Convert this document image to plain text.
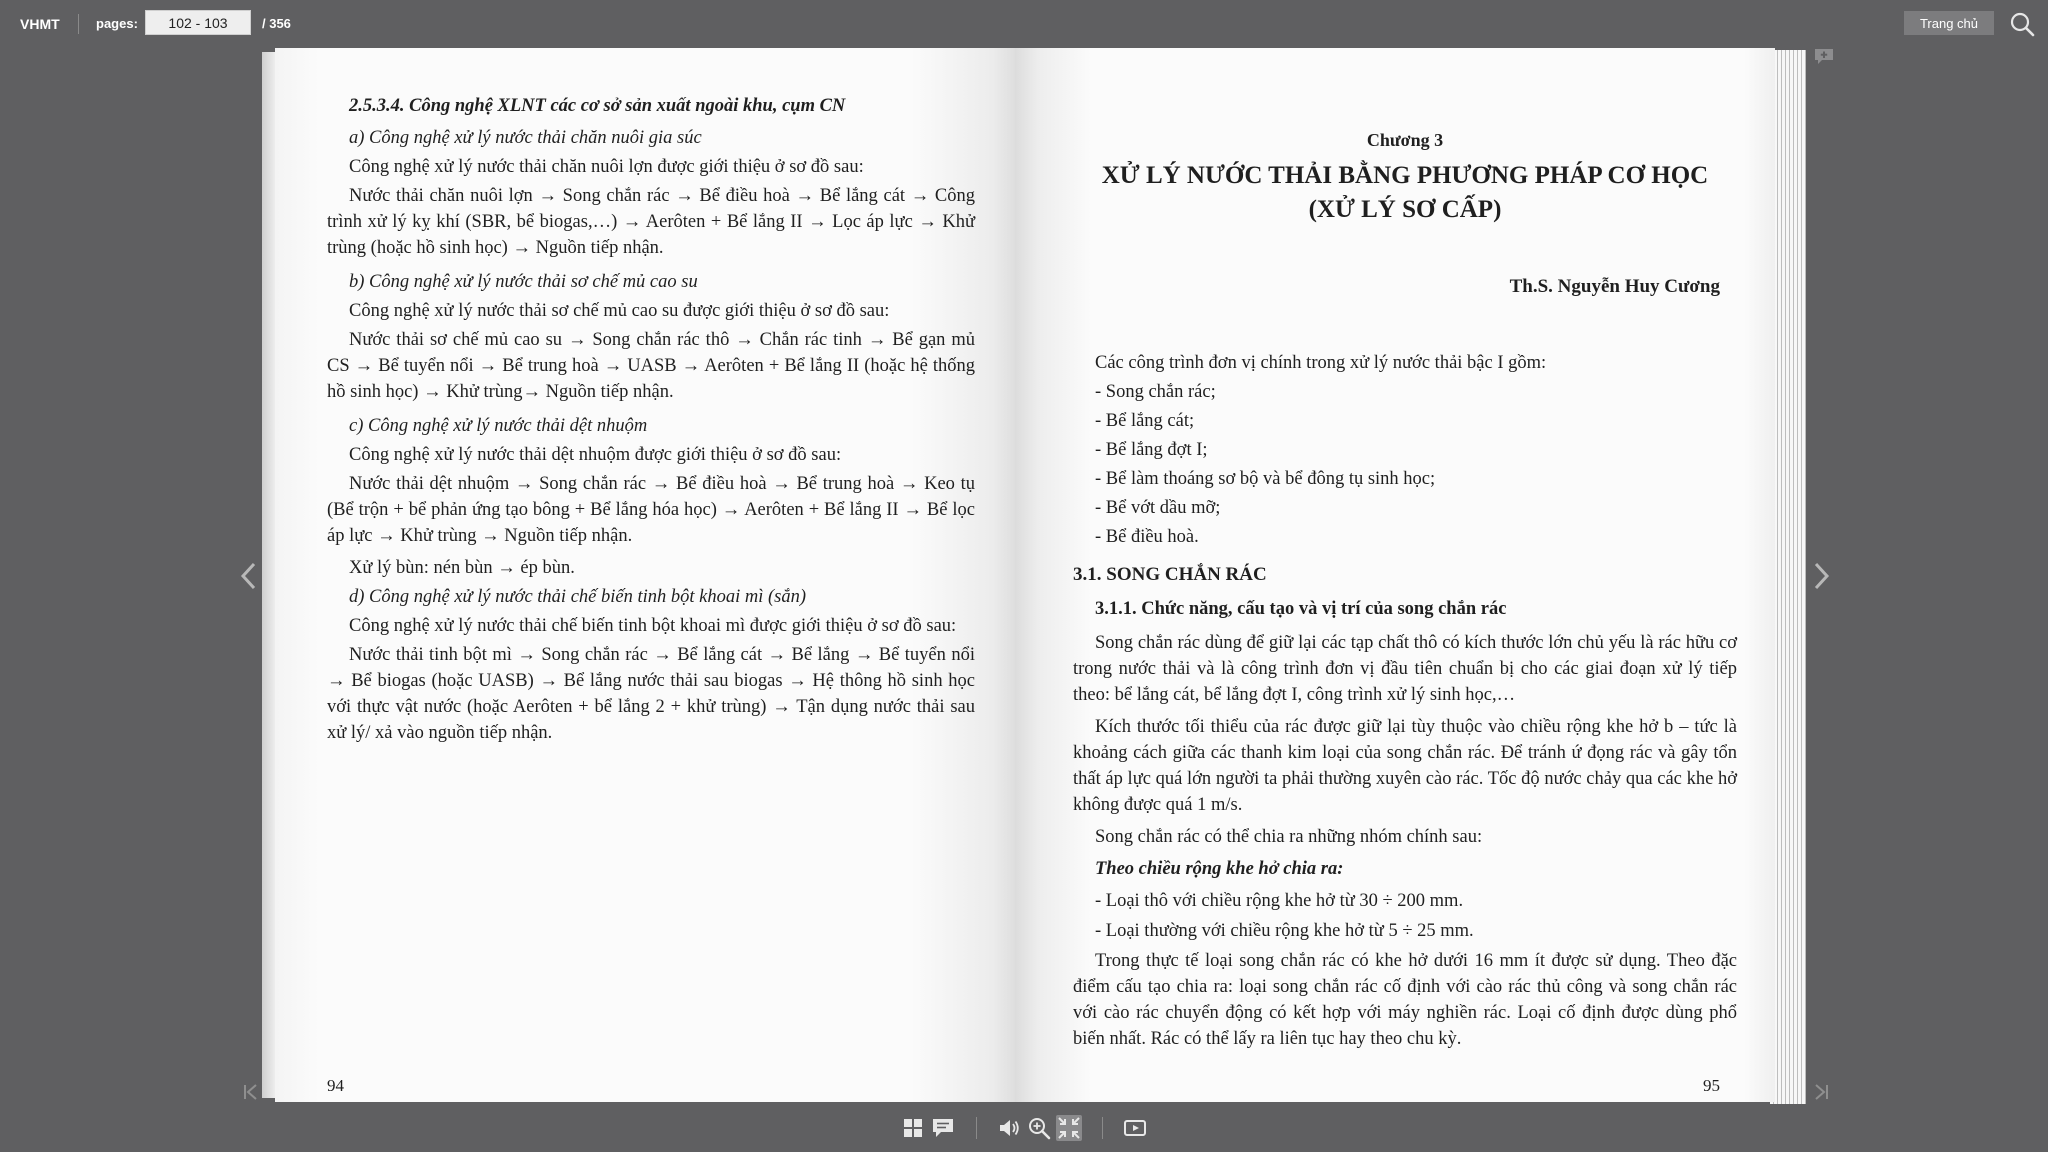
VHMT	pages:
102 - 103	/ 356	Trang chủ
2.5.3.4. Công nghệ XLNT các cơ sở sản xuất ngoài khu, cụm CN
a) Công nghệ xử lý nước thải chăn nuôi gia súc
Công nghệ xử lý nước thải chăn nuôi lợn được giới thiệu ở sơ đồ sau:
Nước thải chăn nuôi lợn → Song chắn rác → Bể điều hoà → Bể lắng cát → Công trình xử lý kỵ khí (SBR, bể biogas,…) → Aerôten + Bể lắng II → Lọc áp lực → Khử trùng (hoặc hồ sinh học) → Nguồn tiếp nhận.
b) Công nghệ xử lý nước thải sơ chế mủ cao su
Công nghệ xử lý nước thải sơ chế mủ cao su được giới thiệu ở sơ đồ sau:
Nước thải sơ chế mủ cao su → Song chắn rác thô → Chắn rác tinh → Bể gạn mủ CS → Bể tuyển nổi → Bể trung hoà → UASB → Aerôten + Bể lắng II (hoặc hệ thống hồ sinh học) → Khử trùng→ Nguồn tiếp nhận.
c) Công nghệ xử lý nước thải dệt nhuộm
Công nghệ xử lý nước thải dệt nhuộm được giới thiệu ở sơ đồ sau:
Nước thải dệt nhuộm → Song chắn rác → Bể điều hoà → Bể trung hoà → Keo tụ (Bể trộn + bể phản ứng tạo bông + Bể lắng hóa học) → Aerôten + Bể lắng II → Bể lọc áp lực → Khử trùng → Nguồn tiếp nhận.
Xử lý bùn: nén bùn → ép bùn.
d) Công nghệ xử lý nước thải chế biến tinh bột khoai mì (sắn)
Công nghệ xử lý nước thải chế biến tinh bột khoai mì được giới thiệu ở sơ đồ sau:
Nước thải tinh bột mì → Song chắn rác → Bể lắng cát → Bể lắng → Bể tuyển nổi → Bể biogas (hoặc UASB) → Bể lắng nước thải sau biogas → Hệ thông hồ sinh học với thực vật nước (hoặc Aerôten + bể lắng 2 + khử trùng) → Tận dụng nước thải sau xử lý/ xả vào nguồn tiếp nhận.
94
Chương 3
XỬ LÝ NƯỚC THẢI BẰNG PHƯƠNG PHÁP CƠ HỌC
(XỬ LÝ SƠ CẤP)
Th.S. Nguyễn Huy Cương
Các công trình đơn vị chính trong xử lý nước thải bậc I gồm:
- Song chắn rác;
- Bể lắng cát;
- Bể lắng đợt I;
- Bể làm thoáng sơ bộ và bể đông tụ sinh học;
- Bể vớt dầu mỡ;
- Bể điều hoà.
3.1. SONG CHẮN RÁC
3.1.1. Chức năng, cấu tạo và vị trí của song chắn rác
Song chắn rác dùng để giữ lại các tạp chất thô có kích thước lớn chủ yếu là rác hữu cơ trong nước thải và là công trình đơn vị đầu tiên chuẩn bị cho các giai đoạn xử lý tiếp theo: bể lắng cát, bể lắng đợt I, công trình xử lý sinh học,…
Kích thước tối thiểu của rác được giữ lại tùy thuộc vào chiều rộng khe hở b – tức là khoảng cách giữa các thanh kim loại của song chắn rác. Để tránh ứ đọng rác và gây tổn thất áp lực quá lớn người ta phải thường xuyên cào rác. Tốc độ nước chảy qua các khe hở không được quá 1 m/s.
Song chắn rác có thể chia ra những nhóm chính sau:
Theo chiều rộng khe hở chia ra:
- Loại thô với chiều rộng khe hở từ 30 ÷ 200 mm.
- Loại thường với chiều rộng khe hở từ 5 ÷ 25 mm.
Trong thực tế loại song chắn rác có khe hở dưới 16 mm ít được sử dụng. Theo đặc điểm cấu tạo chia ra: loại song chắn rác cố định với cào rác thủ công và song chắn rác với cào rác chuyển động có kết hợp với máy nghiền rác. Loại cố định được dùng phổ biến nhất. Rác có thể lấy ra liên tục hay theo chu kỳ.
95
